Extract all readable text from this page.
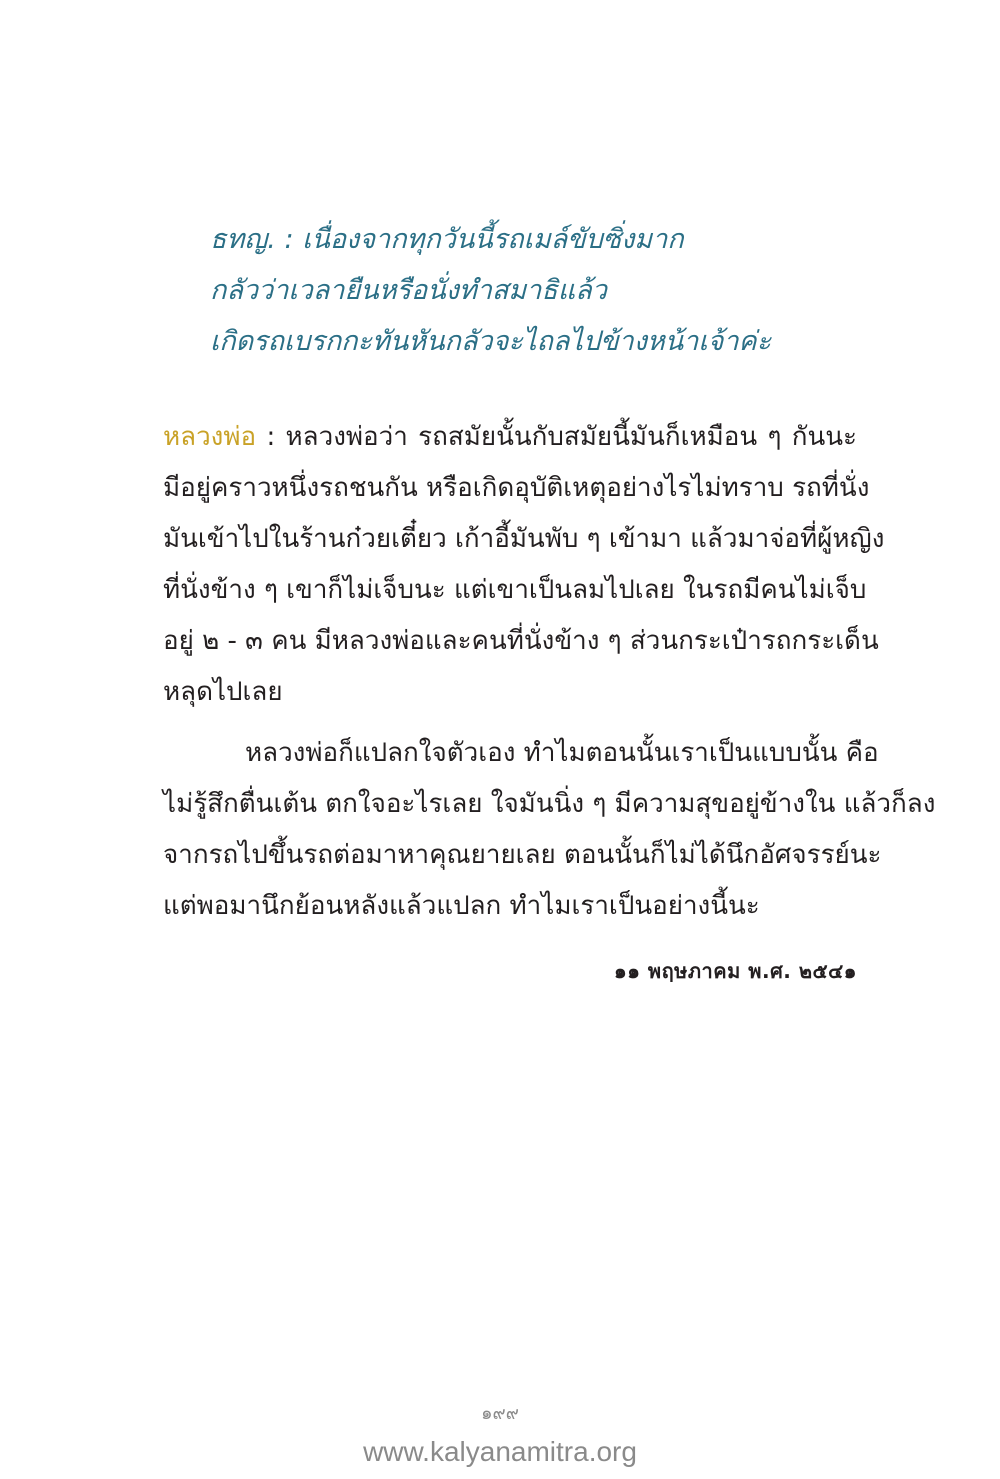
ธทญ. : เนื่องจากทุกวันนี้รถเมล์ขับซิ่งมาก
กลัวว่าเวลายืนหรือนั่งทำสมาธิแล้ว
เกิดรถเบรกกะทันหันกลัวจะไถลไปข้างหน้าเจ้าค่ะ
หลวงพ่อ : หลวงพ่อว่า รถสมัยนั้นกับสมัยนี้มันก็เหมือน ๆ กันนะ
มีอยู่คราวหนึ่งรถชนกัน หรือเกิดอุบัติเหตุอย่างไรไม่ทราบ รถที่นั่ง
มันเข้าไปในร้านก๋วยเตี๋ยว เก้าอี้มันพับ ๆ เข้ามา แล้วมาจ่อที่ผู้หญิง
ที่นั่งข้าง ๆ เขาก็ไม่เจ็บนะ แต่เขาเป็นลมไปเลย ในรถมีคนไม่เจ็บ
อยู่ ๒ - ๓ คน มีหลวงพ่อและคนที่นั่งข้าง ๆ ส่วนกระเป๋ารถกระเด็น
หลุดไปเลย
หลวงพ่อก็แปลกใจตัวเอง ทำไมตอนนั้นเราเป็นแบบนั้น คือ
ไม่รู้สึกตื่นเต้น ตกใจอะไรเลย ใจมันนิ่ง ๆ มีความสุขอยู่ข้างใน แล้วก็ลง
จากรถไปขึ้นรถต่อมาหาคุณยายเลย ตอนนั้นก็ไม่ได้นึกอัศจรรย์นะ
แต่พอมานึกย้อนหลังแล้วแปลก ทำไมเราเป็นอย่างนี้นะ
๑๑ พฤษภาคม พ.ศ. ๒๕๔๑
๑๙๙
www.kalyanamitra.org
